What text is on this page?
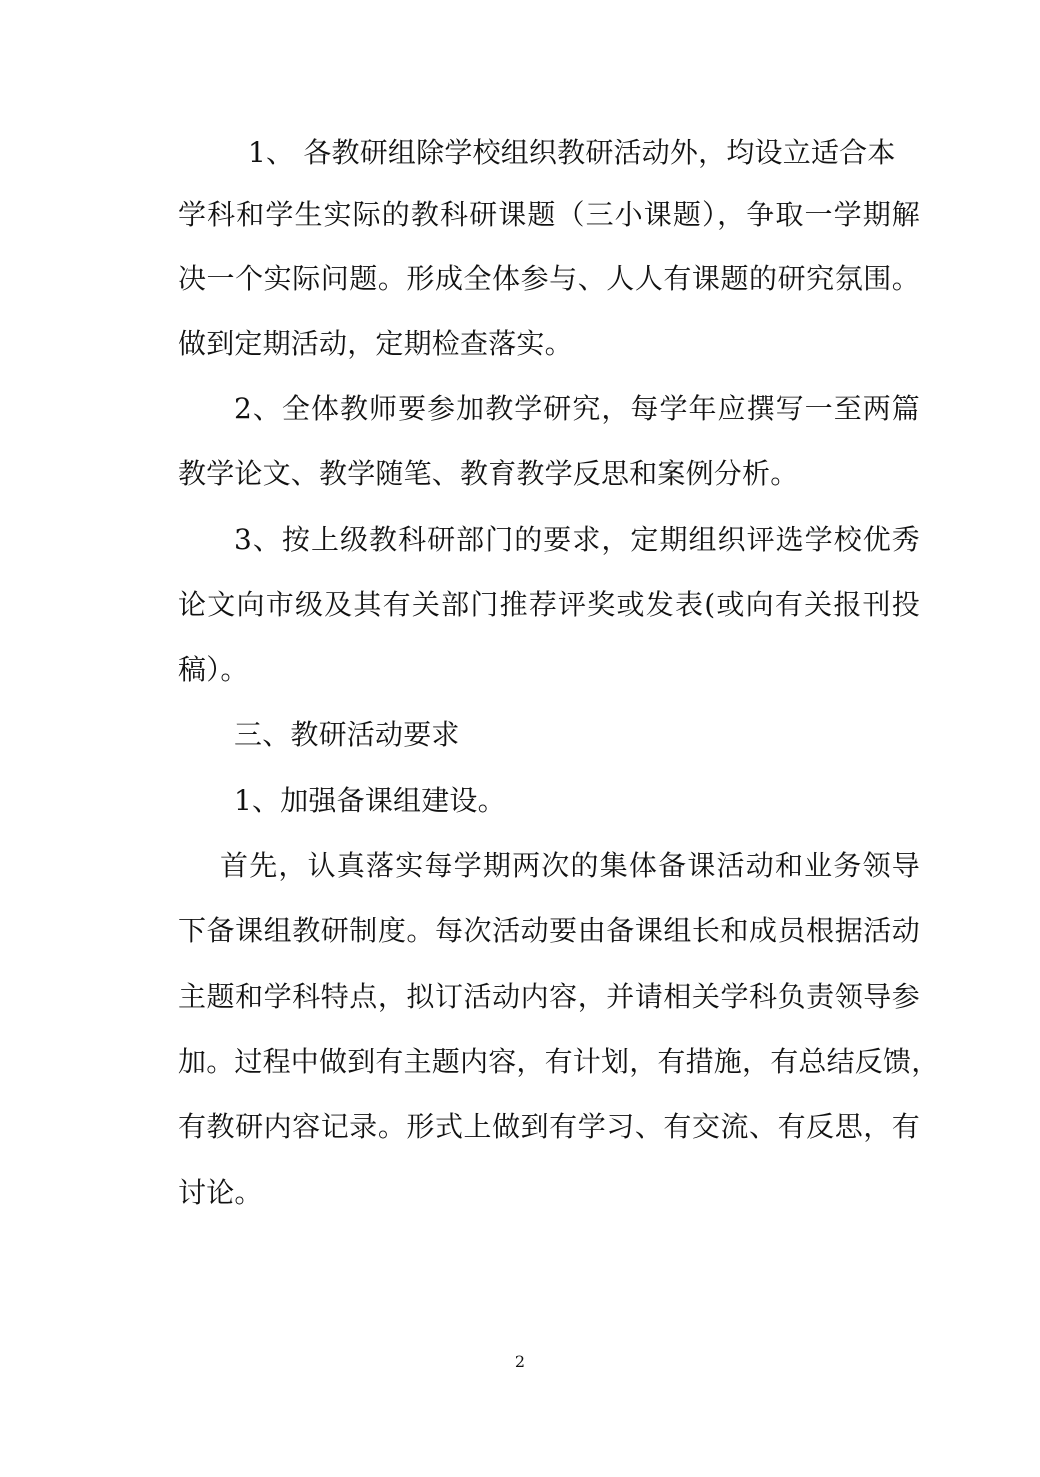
1、 各教研组除学校组织教研活动外，均设立适合本
学科和学生实际的教科研课题（三小课题），争取一学期解
决一个实际问题。形成全体参与、人人有课题的研究氛围。
做到定期活动，定期检查落实。
2、全体教师要参加教学研究，每学年应撰写一至两篇
教学论文、教学随笔、教育教学反思和案例分析。
3、按上级教科研部门的要求，定期组织评选学校优秀
论文向市级及其有关部门推荐评奖或发表(或向有关报刊投
稿）。
三、教研活动要求
1、加强备课组建设。
首先，认真落实每学期两次的集体备课活动和业务领导
下备课组教研制度。每次活动要由备课组长和成员根据活动
主题和学科特点，拟订活动内容，并请相关学科负责领导参
加。过程中做到有主题内容，有计划，有措施，有总结反馈，
有教研内容记录。形式上做到有学习、有交流、有反思，有
讨论。
2
